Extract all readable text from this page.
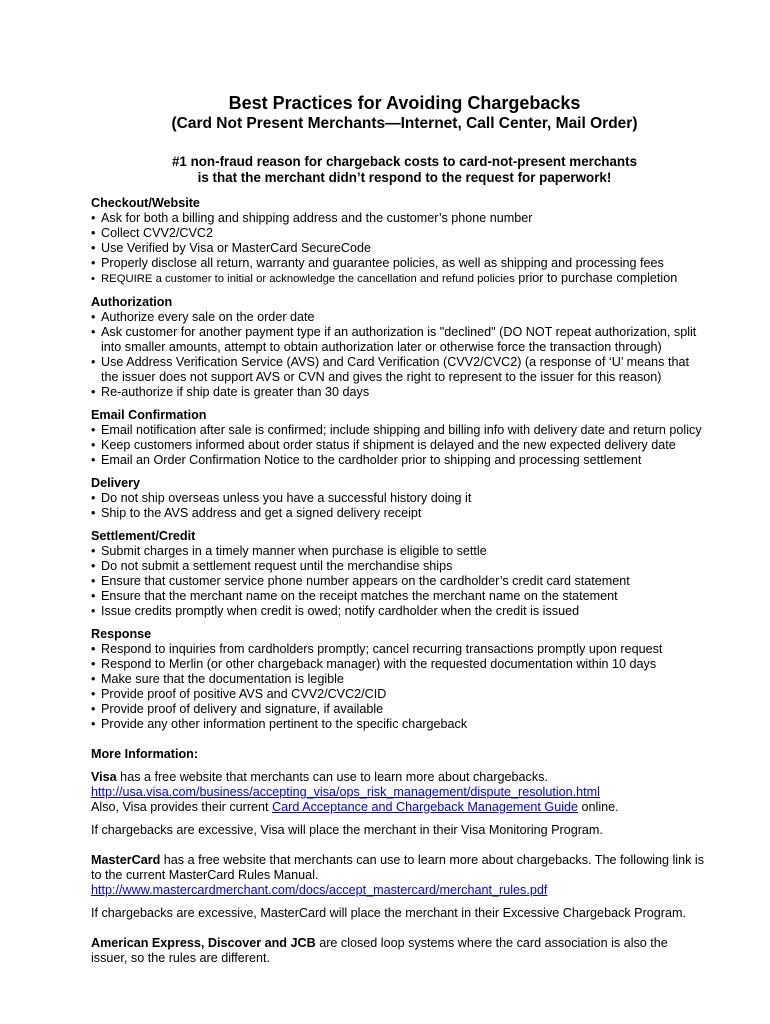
Best Practices for Avoiding Chargebacks
(Card Not Present Merchants—Internet, Call Center, Mail Order)
#1 non-fraud reason for chargeback costs to card-not-present merchants
is that the merchant didn’t respond to the request for paperwork!
Checkout/Website
• Ask for both a billing and shipping address and the customer’s phone number
• Collect CVV2/CVC2
• Use Verified by Visa or MasterCard SecureCode
• Properly disclose all return, warranty and guarantee policies, as well as shipping and processing fees
• REQUIRE a customer to initial or acknowledge the cancellation and refund policies prior to purchase completion
Authorization
• Authorize every sale on the order date
• Ask customer for another payment type if an authorization is "declined" (DO NOT repeat authorization, split
into smaller amounts, attempt to obtain authorization later or otherwise force the transaction through)
• Use Address Verification Service (AVS) and Card Verification (CVV2/CVC2) (a response of ‘U’ means that
the issuer does not support AVS or CVN and gives the right to represent to the issuer for this reason)
• Re-authorize if ship date is greater than 30 days
Email Confirmation
• Email notification after sale is confirmed; include shipping and billing info with delivery date and return policy
• Keep customers informed about order status if shipment is delayed and the new expected delivery date
• Email an Order Confirmation Notice to the cardholder prior to shipping and processing settlement
Delivery
• Do not ship overseas unless you have a successful history doing it
• Ship to the AVS address and get a signed delivery receipt
Settlement/Credit
• Submit charges in a timely manner when purchase is eligible to settle
• Do not submit a settlement request until the merchandise ships
• Ensure that customer service phone number appears on the cardholder’s credit card statement
• Ensure that the merchant name on the receipt matches the merchant name on the statement
• Issue credits promptly when credit is owed; notify cardholder when the credit is issued
Response
• Respond to inquiries from cardholders promptly; cancel recurring transactions promptly upon request
• Respond to Merlin (or other chargeback manager) with the requested documentation within 10 days
• Make sure that the documentation is legible
• Provide proof of positive AVS and CVV2/CVC2/CID
• Provide proof of delivery and signature, if available
• Provide any other information pertinent to the specific chargeback
More Information:

Visa has a free website that merchants can use to learn more about chargebacks.
http://usa.visa.com/business/accepting_visa/ops_risk_management/dispute_resolution.html
Also, Visa provides their current Card Acceptance and Chargeback Management Guide online.

If chargebacks are excessive, Visa will place the merchant in their Visa Monitoring Program.

MasterCard has a free website that merchants can use to learn more about chargebacks. The following link is
to the current MasterCard Rules Manual.
http://www.mastercardmerchant.com/docs/accept_mastercard/merchant_rules.pdf

If chargebacks are excessive, MasterCard will place the merchant in their Excessive Chargeback Program.

American Express, Discover and JCB are closed loop systems where the card association is also the
issuer, so the rules are different.
